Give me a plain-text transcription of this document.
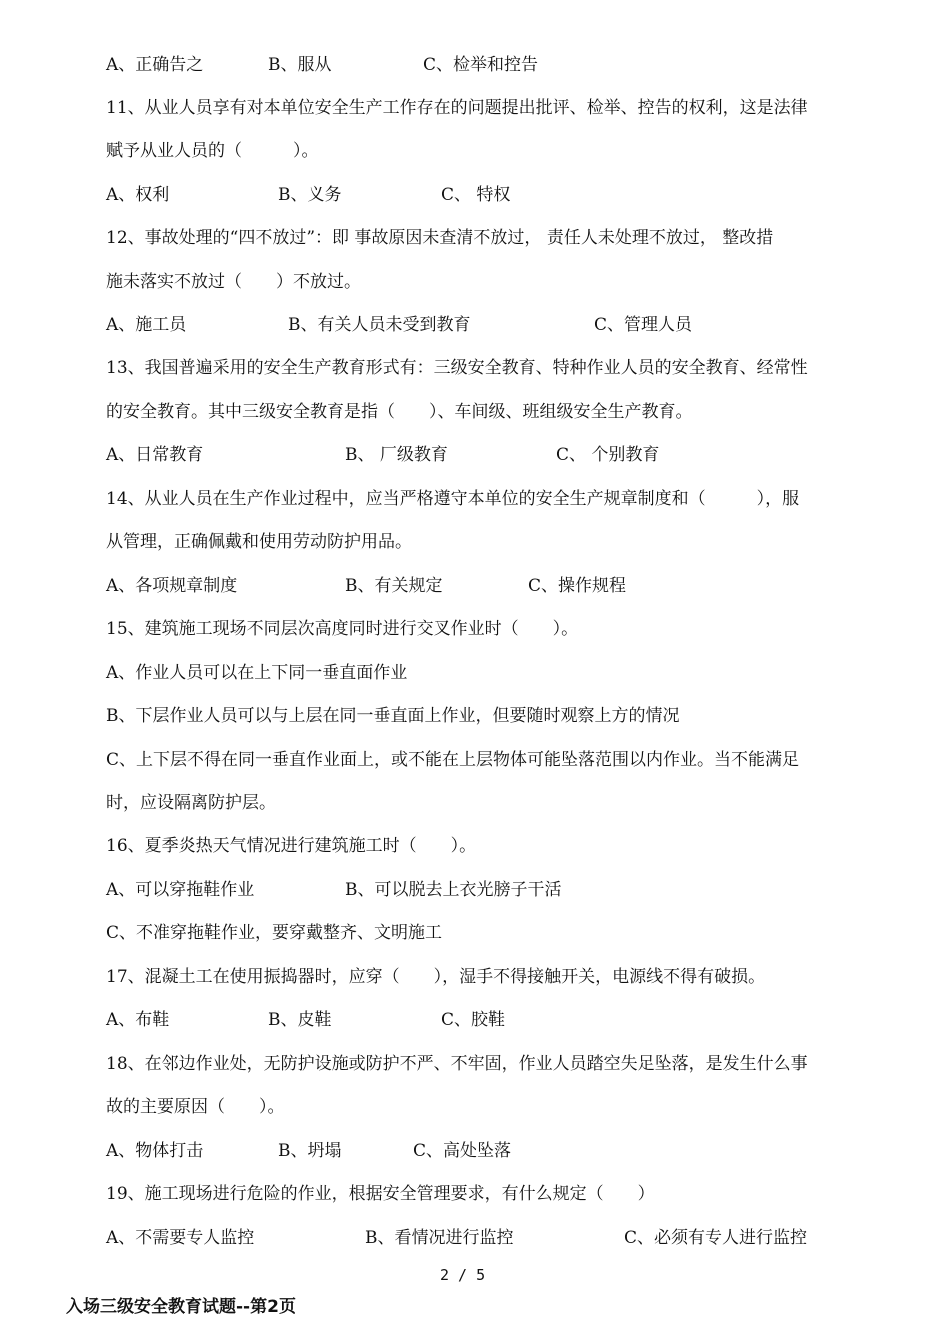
A、正确告之	B、服从	C、检举和控告
11、从业人员享有对本单位安全生产工作存在的问题提出批评、检举、控告的权利，这是法律
赋予从业人员的（　　　）。
A、权利	B、义务	C、 特权
12、事故处理的“四不放过”：即 事故原因未查清不放过， 责任人未处理不放过， 整改措
施未落实不放过（　　）不放过。
A、施工员	B、有关人员未受到教育	C、管理人员
13、我国普遍采用的安全生产教育形式有：三级安全教育、特种作业人员的安全教育、经常性
的安全教育。其中三级安全教育是指（　　）、车间级、班组级安全生产教育。
A、日常教育	B、 厂级教育	C、 个别教育
14、从业人员在生产作业过程中，应当严格遵守本单位的安全生产规章制度和（　　　），服
从管理，正确佩戴和使用劳动防护用品。
A、各项规章制度	B、有关规定	C、操作规程
15、建筑施工现场不同层次高度同时进行交叉作业时（　　）。
A、作业人员可以在上下同一垂直面作业
B、下层作业人员可以与上层在同一垂直面上作业，但要随时观察上方的情况
C、上下层不得在同一垂直作业面上，或不能在上层物体可能坠落范围以内作业。当不能满足
时，应设隔离防护层。
16、夏季炎热天气情况进行建筑施工时（　　）。
A、可以穿拖鞋作业	B、可以脱去上衣光膀子干活
C、不准穿拖鞋作业，要穿戴整齐、文明施工
17、混凝土工在使用振捣器时，应穿（　　），湿手不得接触开关，电源线不得有破损。
A、布鞋	B、皮鞋	C、胶鞋
18、在邻边作业处，无防护设施或防护不严、不牢固，作业人员踏空失足坠落，是发生什么事
故的主要原因（　　）。
A、物体打击	B、坍塌	C、高处坠落
19、施工现场进行危险的作业，根据安全管理要求，有什么规定（　　）
A、不需要专人监控	B、看情况进行监控	C、必须有专人进行监控
2 / 5
入场三级安全教育试题--第2页
